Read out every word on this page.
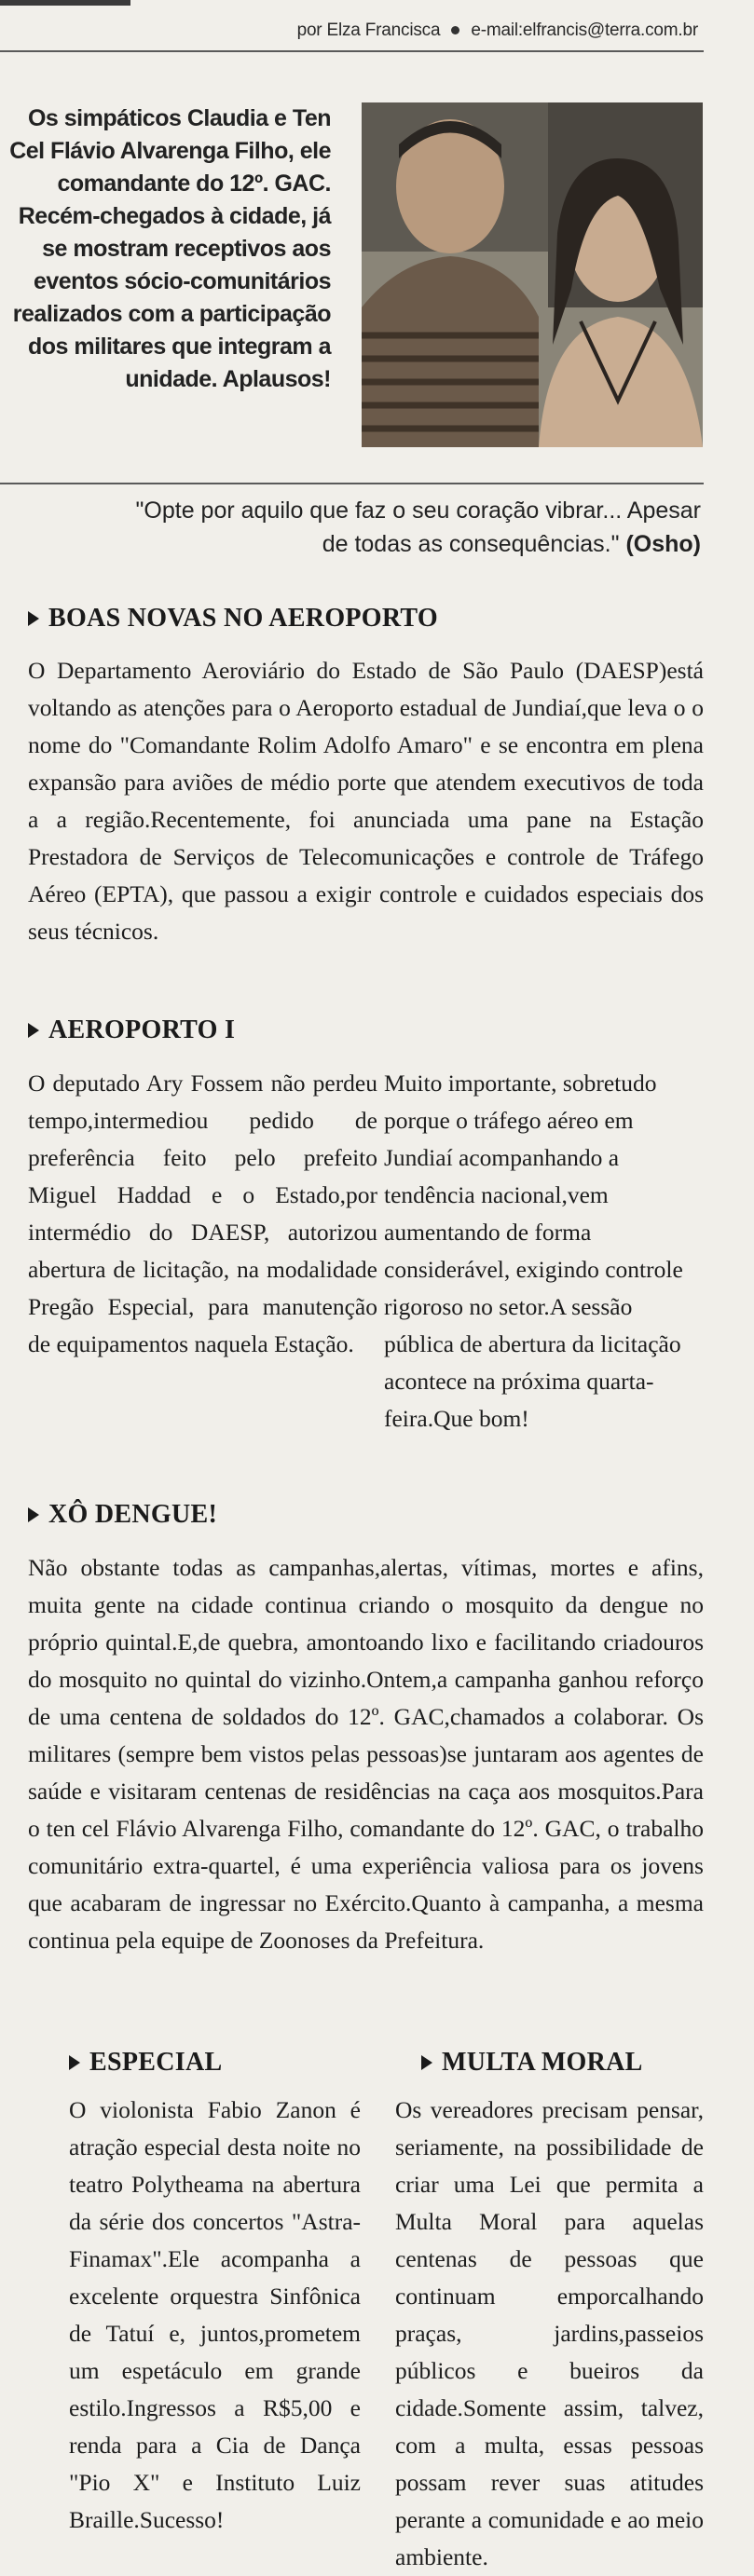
por Elza Francisca e-mail:elfrancis@terra.com.br
Os simpáticos Claudia e Ten Cel Flávio Alvarenga Filho, ele comandante do 12º. GAC. Recém-chegados à cidade, já se mostram receptivos aos eventos sócio-comunitários realizados com a participação dos militares que integram a unidade. Aplausos!
"Opte por aquilo que faz o seu coração vibrar... Apesar de todas as consequências." (Osho)
BOAS NOVAS NO AEROPORTO
O Departamento Aeroviário do Estado de São Paulo (DAESP)está voltando as atenções para o Aeroporto estadual de Jundiaí,que leva o o nome do "Comandante Rolim Adolfo Amaro" e se encontra em plena expansão para aviões de médio porte que atendem executivos de toda a a região.Recentemente, foi anunciada uma pane na Estação Prestadora de Serviços de Telecomunicações e controle de Tráfego Aéreo (EPTA), que passou a exigir controle e cuidados especiais dos seus técnicos.
AEROPORTO I
O deputado Ary Fossem não perdeu tempo,intermediou pedido de preferência feito pelo prefeito Miguel Haddad e o Estado,por intermédio do DAESP, autorizou abertura de licitação, na modalidade Pregão Especial, para manutenção de equipamentos naquela Estação.
Muito importante, sobretudo porque o tráfego aéreo em Jundiaí acompanhando a tendência nacional,vem aumentando de forma considerável, exigindo controle rigoroso no setor.A sessão pública de abertura da licitação acontece na próxima quarta-feira.Que bom!
XÔ DENGUE!
Não obstante todas as campanhas,alertas, vítimas, mortes e afins, muita gente na cidade continua criando o mosquito da dengue no próprio quintal.E,de quebra, amontoando lixo e facilitando criadouros do mosquito no quintal do vizinho.Ontem,a campanha ganhou reforço de uma centena de soldados do 12º. GAC,chamados a colaborar. Os militares (sempre bem vistos pelas pessoas)se juntaram aos agentes de saúde e visitaram centenas de residências na caça aos mosquitos.Para o ten cel Flávio Alvarenga Filho, comandante do 12º. GAC, o trabalho comunitário extra-quartel, é uma experiência valiosa para os jovens que acabaram de ingressar no Exército.Quanto à campanha, a mesma continua pela equipe de Zoonoses da Prefeitura.
ESPECIAL
O violonista Fabio Zanon é atração especial desta noite no teatro Polytheama na abertura da série dos concertos "Astra-Finamax".Ele acompanha a excelente orquestra Sinfônica de Tatuí e, juntos,prometem um espetáculo em grande estilo.Ingressos a R$5,00 e renda para a Cia de Dança "Pio X" e Instituto Luiz Braille.Sucesso!
MULTA MORAL
Os vereadores precisam pensar, seriamente, na possibilidade de criar uma Lei que permita a Multa Moral para aquelas centenas de pessoas que continuam emporcalhando praças, jardins,passeios públicos e bueiros da cidade.Somente assim, talvez, com a multa, essas pessoas possam rever suas atitudes perante a comunidade e ao meio ambiente.
